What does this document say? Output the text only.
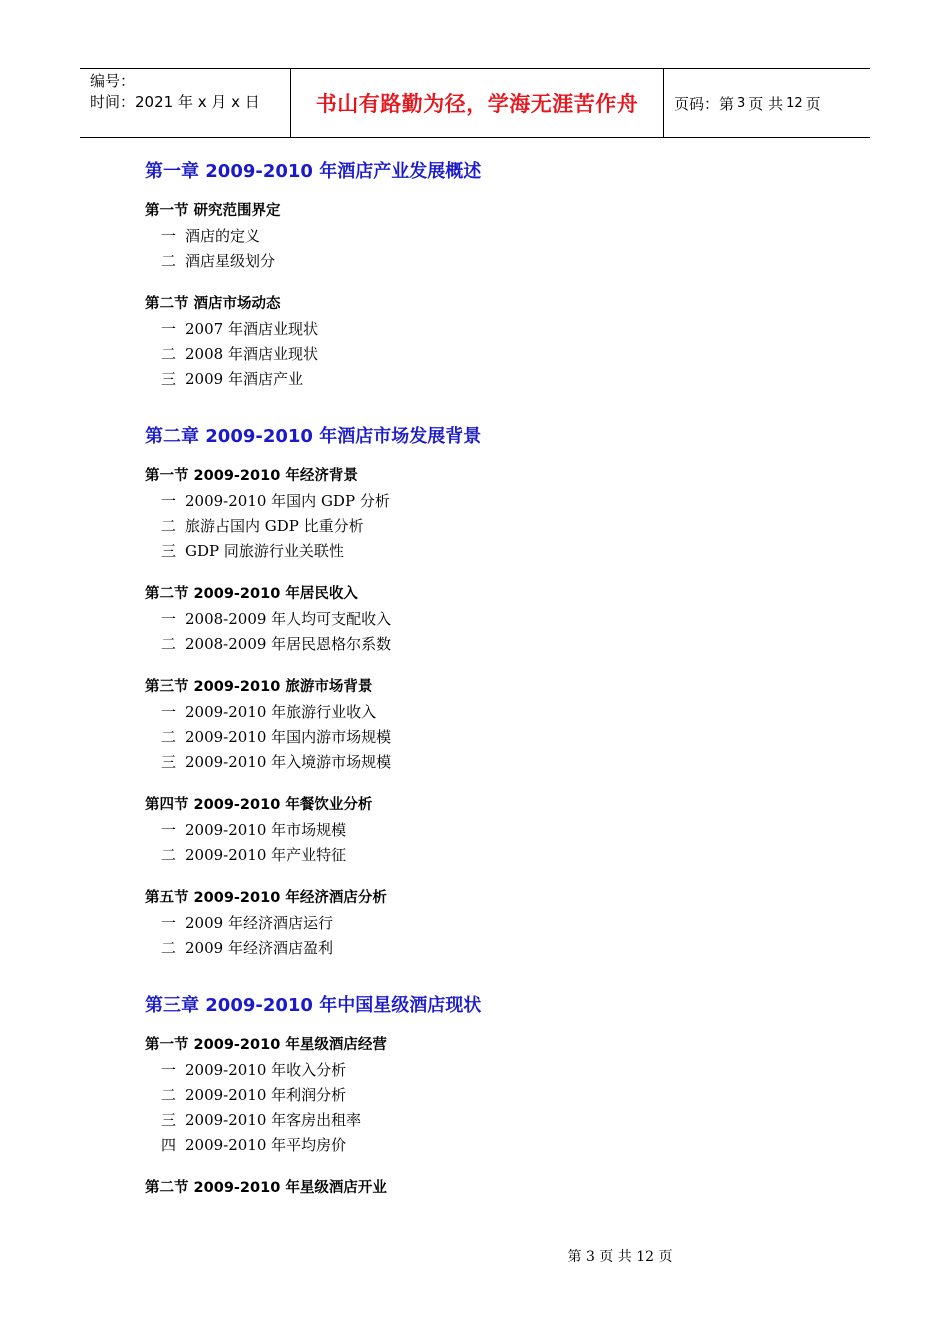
编号：
时间：2021 年 x 月 x 日	书山有路勤为径，学海无涯苦作舟	页码：第 3 页 共 12 页
第一章 2009-2010 年酒店产业发展概述
第一节 研究范围界定
一 酒店的定义
二 酒店星级划分
第二节 酒店市场动态
一 2007 年酒店业现状
二 2008 年酒店业现状
三 2009 年酒店产业
第二章 2009-2010 年酒店市场发展背景
第一节 2009-2010 年经济背景
一 2009-2010 年国内 GDP 分析
二 旅游占国内 GDP 比重分析
三 GDP 同旅游行业关联性
第二节 2009-2010 年居民收入
一 2008-2009 年人均可支配收入
二 2008-2009 年居民恩格尔系数
第三节 2009-2010 旅游市场背景
一 2009-2010 年旅游行业收入
二 2009-2010 年国内游市场规模
三 2009-2010 年入境游市场规模
第四节 2009-2010 年餐饮业分析
一 2009-2010 年市场规模
二 2009-2010 年产业特征
第五节 2009-2010 年经济酒店分析
一 2009 年经济酒店运行
二 2009 年经济酒店盈利
第三章 2009-2010 年中国星级酒店现状
第一节 2009-2010 年星级酒店经营
一 2009-2010 年收入分析
二 2009-2010 年利润分析
三 2009-2010 年客房出租率
四 2009-2010 年平均房价
第二节 2009-2010 年星级酒店开业
第 3 页 共 12 页
